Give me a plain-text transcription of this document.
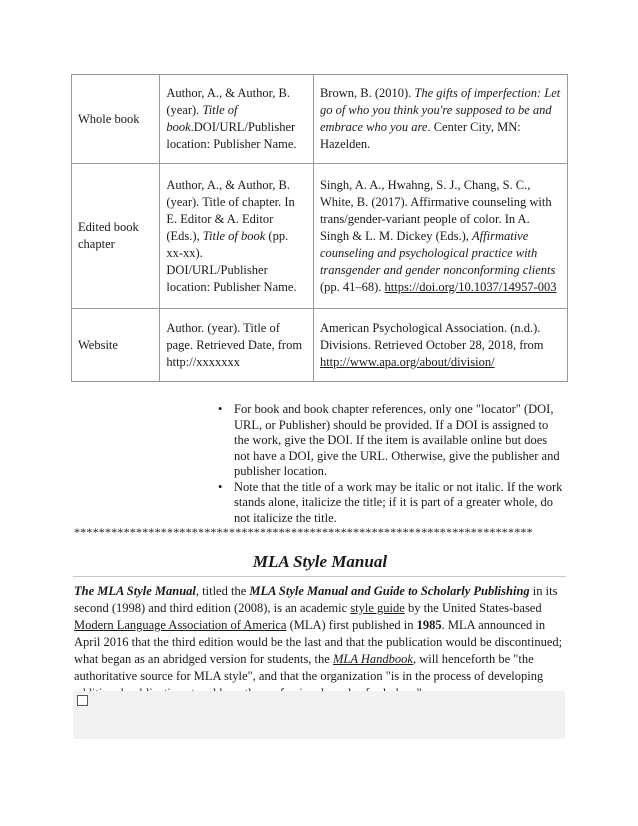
Whole book	Author, A., & Author, B. (year). Title of book.DOI/URL/Publisher location: Publisher Name.	Brown, B. (2010). The gifts of imperfection: Let go of who you think you're supposed to be and embrace who you are. Center City, MN: Hazelden.
Edited book chapter	Author, A., & Author, B. (year). Title of chapter. In E. Editor & A. Editor (Eds.), Title of book (pp. xx-xx). DOI/URL/Publisher location: Publisher Name.	Singh, A. A., Hwahng, S. J., Chang, S. C., White, B. (2017). Affirmative counseling with trans/gender-variant people of color. In A. Singh & L. M. Dickey (Eds.), Affirmative counseling and psychological practice with transgender and gender nonconforming clients (pp. 41–68). https://doi.org/10.1037/14957-003
Website	Author. (year). Title of page. Retrieved Date, from http://xxxxxxx	American Psychological Association. (n.d.). Divisions. Retrieved October 28, 2018, from http://www.apa.org/about/division/
• For book and book chapter references, only one "locator" (DOI, URL, or Publisher) should be provided. If a DOI is assigned to the work, give the DOI. If the item is available online but does not have a DOI, give the URL. Otherwise, give the publisher and publisher location.
• Note that the title of a work may be italic or not italic. If the work stands alone, italicize the title; if it is part of a greater whole, do not italicize the title.
**************************************************************************
MLA Style Manual
The MLA Style Manual, titled the MLA Style Manual and Guide to Scholarly Publishing in its second (1998) and third edition (2008), is an academic style guide by the United States-based Modern Language Association of America (MLA) first published in 1985. MLA announced in April 2016 that the third edition would be the last and that the publication would be discontinued; what began as an abridged version for students, the MLA Handbook, will henceforth be "the authoritative source for MLA style", and that the organization "is in the process of developing
